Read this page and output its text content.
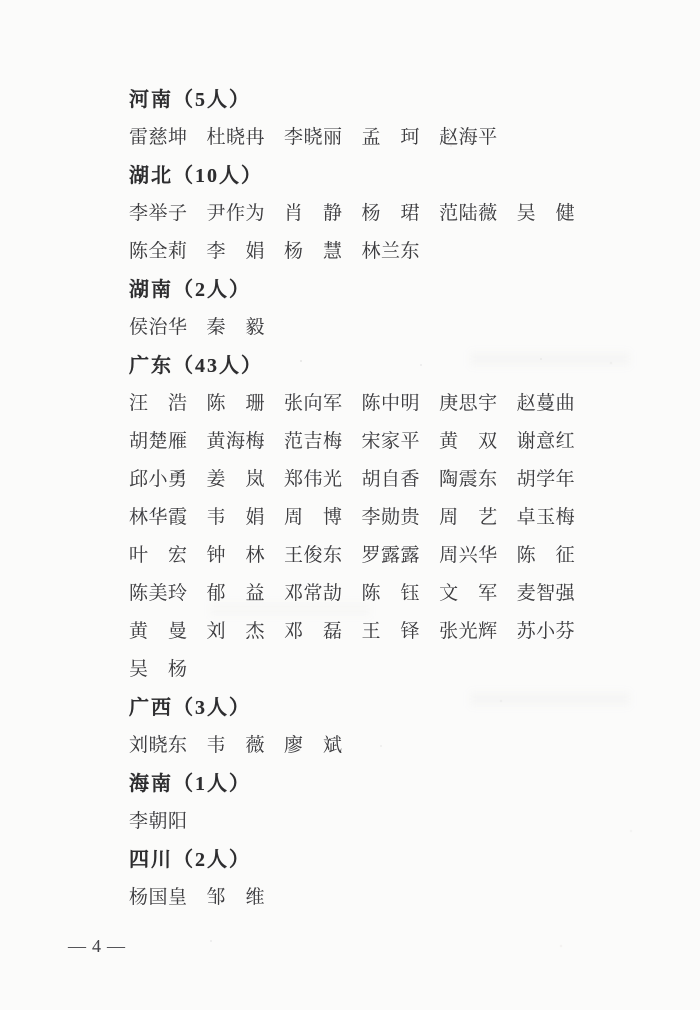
河南（5人）
雷慈坤 杜晓冉 李晓丽 孟　珂 赵海平
湖北（10人）
李举子 尹作为 肖　静 杨　珺 范陆薇 吴　健
陈全莉 李　娟 杨　慧 林兰东
湖南（2人）
侯治华 秦　毅
广东（43人）
汪　浩 陈　珊 张向军 陈中明 庚思宇 赵蔓曲
胡楚雁 黄海梅 范吉梅 宋家平 黄　双 谢意红
邱小勇 姜　岚 郑伟光 胡自香 陶震东 胡学年
林华霞 韦　娟 周　博 李勋贵 周　艺 卓玉梅
叶　宏 钟　林 王俊东 罗露露 周兴华 陈　征
陈美玲 郁　益 邓常劼 陈　钰 文　军 麦智强
黄　曼 刘　杰 邓　磊 王　铎 张光辉 苏小芬
吴　杨
广西（3人）
刘晓东 韦　薇 廖　斌
海南（1人）
李朝阳
四川（2人）
杨国皇 邹　维
— 4 —
